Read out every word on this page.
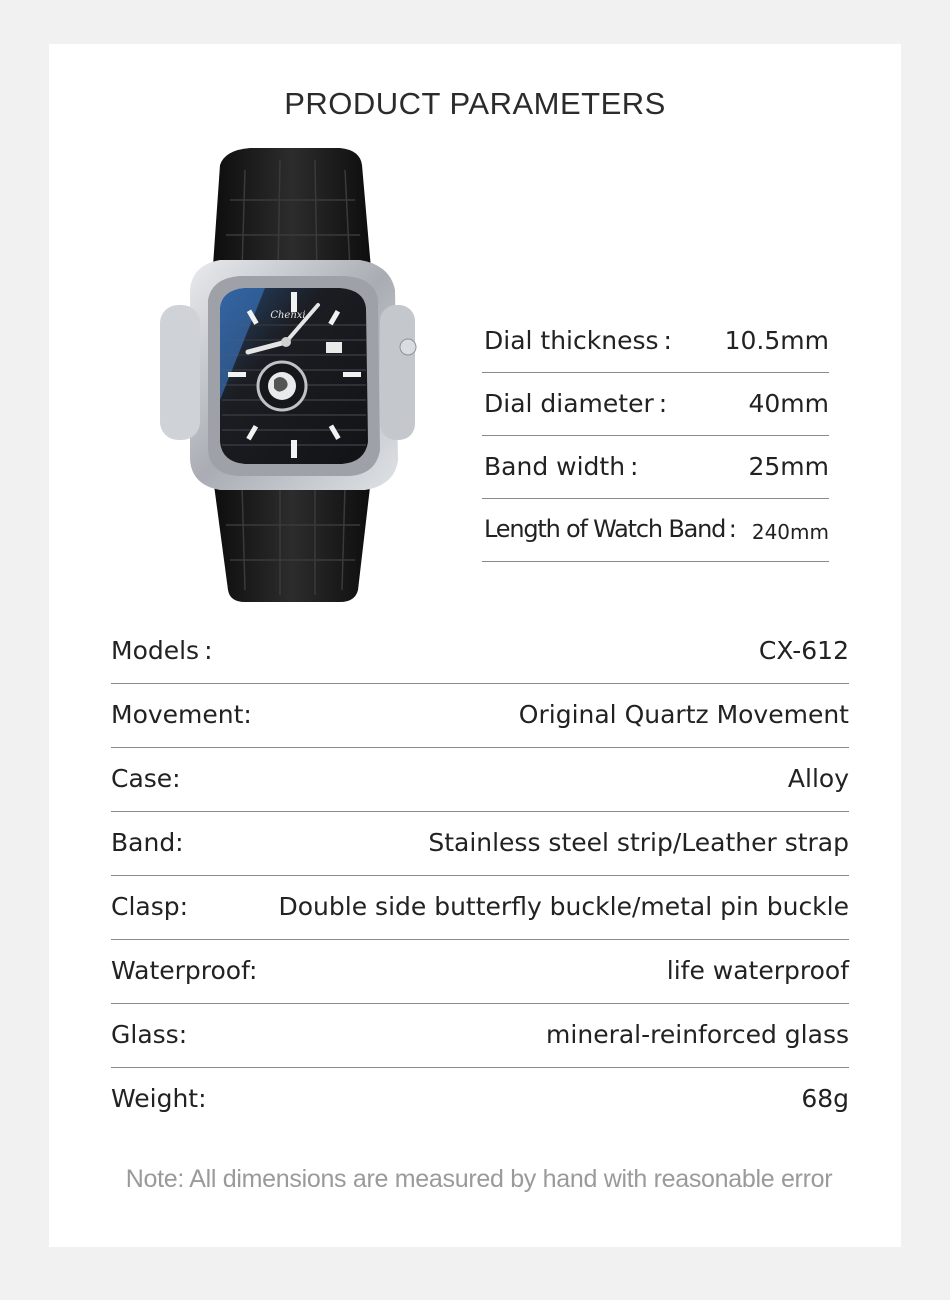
PRODUCT PARAMETERS
Chenxi
Dial thickness : 10.5mm
Dial diameter :	40mm
Band width :	25mm
Length of Watch Band : 240mm
Models :	CX-612
Movement:	Original Quartz Movement
Case:	Alloy
Band:	Stainless steel strip/Leather strap
Clasp:	Double side butterfly buckle/metal pin buckle
Waterproof:	life waterproof
Glass:	mineral-reinforced glass
Weight:	68g
Note: All dimensions are measured by hand with reasonable error
